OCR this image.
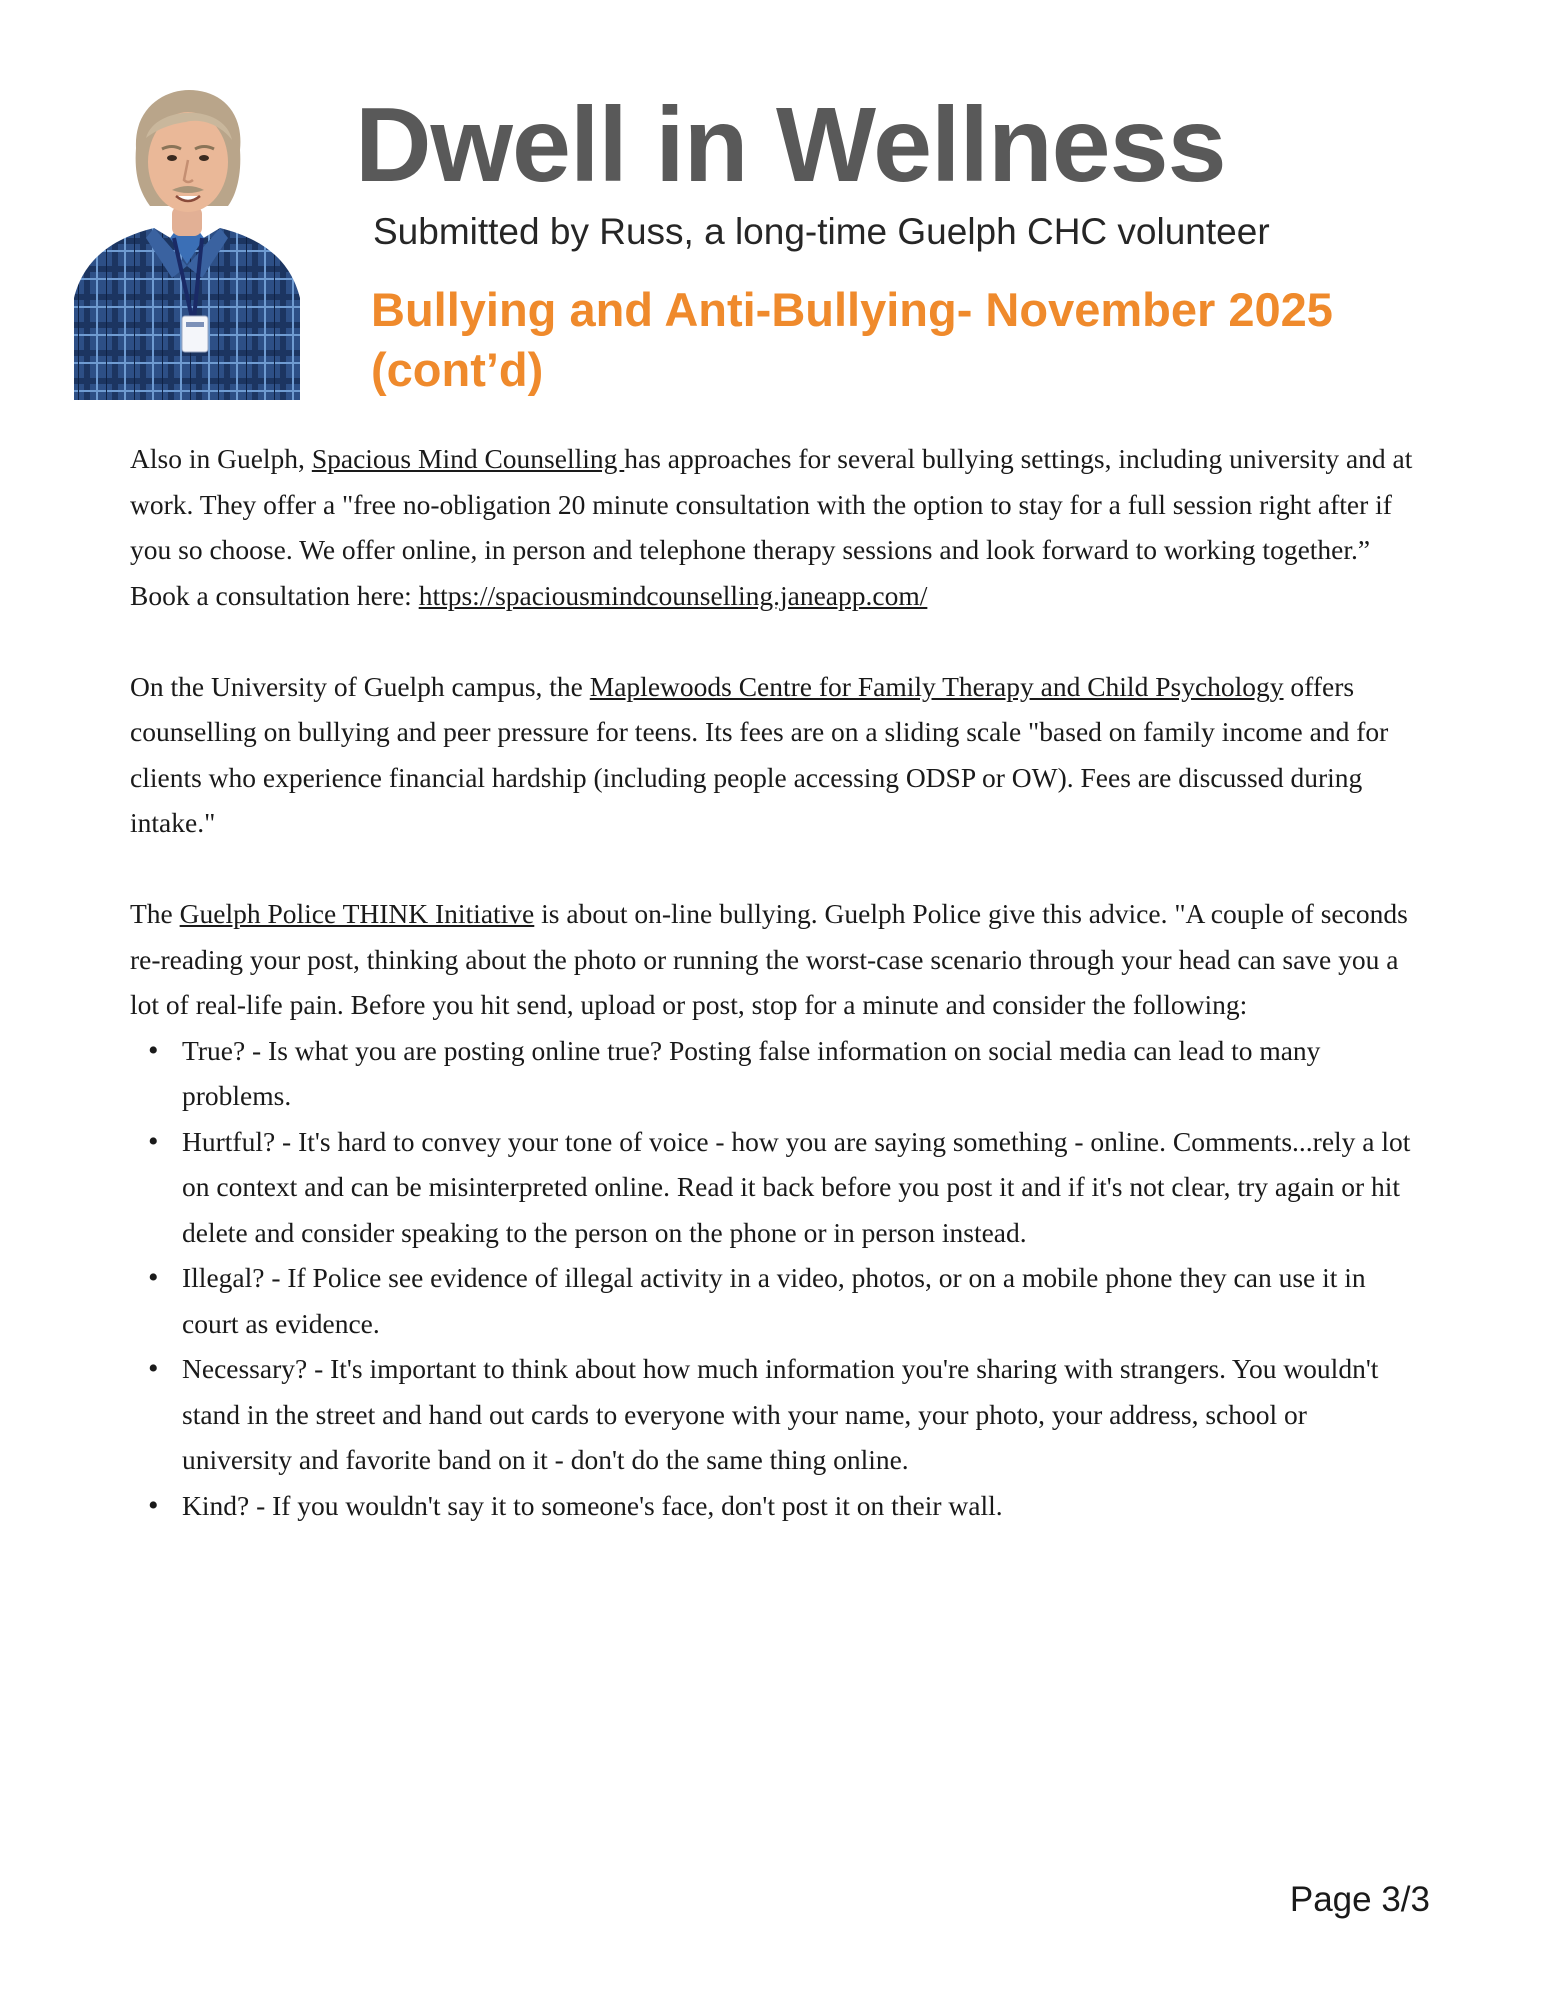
Dwell in Wellness
Submitted by Russ, a long-time Guelph CHC volunteer
Bullying and Anti-Bullying- November 2025 (cont’d)

Also in Guelph, Spacious Mind Counselling has approaches for several bullying settings, including university and at work. They offer a "free no-obligation 20 minute consultation with the option to stay for a full session right after if you so choose. We offer online, in person and telephone therapy sessions and look forward to working together.” Book a consultation here: https://spaciousmindcounselling.janeapp.com/

On the University of Guelph campus, the Maplewoods Centre for Family Therapy and Child Psychology offers counselling on bullying and peer pressure for teens. Its fees are on a sliding scale "based on family income and for clients who experience financial hardship (including people accessing ODSP or OW). Fees are discussed during intake."

The Guelph Police THINK Initiative is about on-line bullying. Guelph Police give this advice. "A couple of seconds re-reading your post, thinking about the photo or running the worst-case scenario through your head can save you a lot of real-life pain. Before you hit send, upload or post, stop for a minute and consider the following:

• True? - Is what you are posting online true? Posting false information on social media can lead to many problems.
• Hurtful? - It's hard to convey your tone of voice - how you are saying something - online. Comments...rely a lot on context and can be misinterpreted online. Read it back before you post it and if it's not clear, try again or hit delete and consider speaking to the person on the phone or in person instead.
• Illegal? - If Police see evidence of illegal activity in a video, photos, or on a mobile phone they can use it in court as evidence.
• Necessary? - It's important to think about how much information you're sharing with strangers. You wouldn't stand in the street and hand out cards to everyone with your name, your photo, your address, school or university and favorite band on it - don't do the same thing online.
• Kind? - If you wouldn't say it to someone's face, don't post it on their wall.
Page 3/3
